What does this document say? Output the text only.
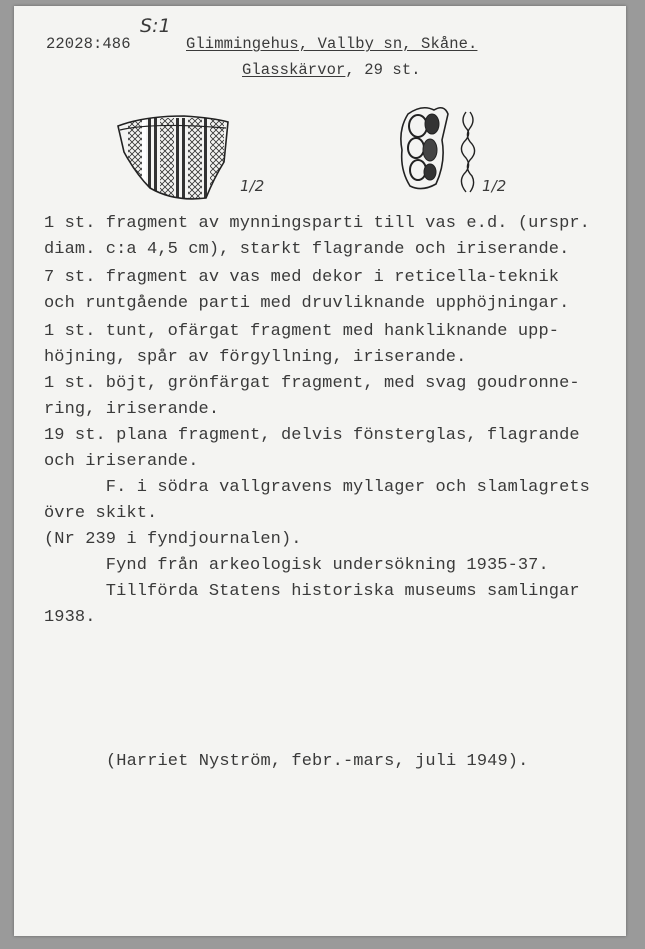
22028:486
S:1
Glimmingehus, Vallby sn, Skåne.
Glasskärvor, 29 st.
1/2	1/2
1 st. fragment av mynningsparti till vas e.d. (urspr.
diam. c:a 4,5 cm), starkt flagrande och iriserande.
7 st. fragment av vas med dekor i reticella-teknik
och runtgående parti med druvliknande upphöjningar.
1 st. tunt, ofärgat fragment med hankliknande upp-
höjning, spår av förgyllning, iriserande.
1 st. böjt, grönfärgat fragment, med svag goudronne-
ring, iriserande.
19 st. plana fragment, delvis fönsterglas, flagrande
och iriserande.
F. i södra vallgravens myllager och slamlagrets
övre skikt.
(Nr 239 i fyndjournalen).
Fynd från arkeologisk undersökning 1935-37.
Tillförda Statens historiska museums samlingar
1938.
(Harriet Nyström, febr.-mars, juli 1949).
